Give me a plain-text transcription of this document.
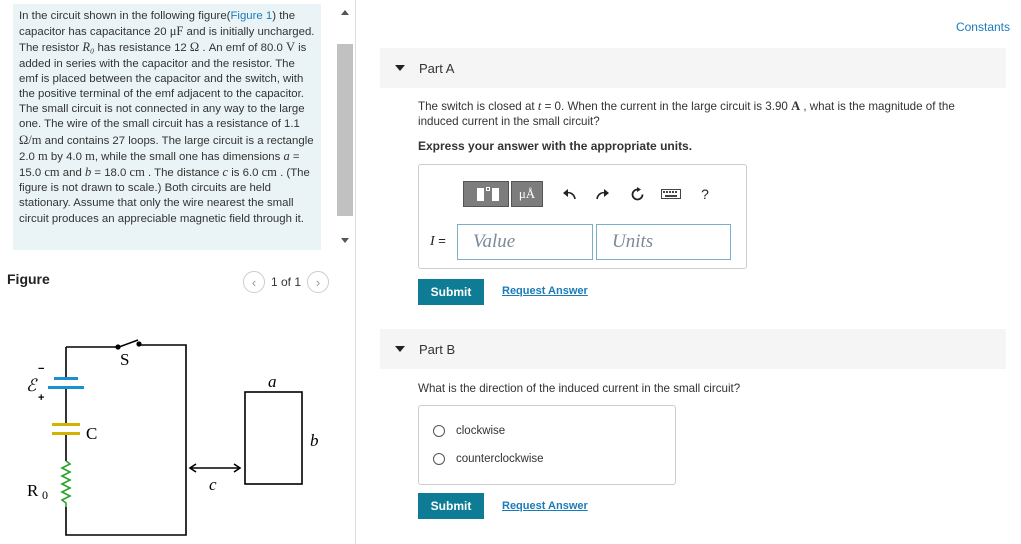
In the circuit shown in the following figure(Figure 1) the capacitor has capacitance 20 μF and is initially uncharged. The resistor R₀ has resistance 12 Ω . An emf of 80.0 V is added in series with the capacitor and the resistor. The emf is placed between the capacitor and the switch, with the positive terminal of the emf adjacent to the capacitor. The small circuit is not connected in any way to the large one. The wire of the small circuit has a resistance of 1.1 Ω/m and contains 27 loops. The large circuit is a rectangle 2.0 m by 4.0 m, while the small one has dimensions a = 15.0 cm and b = 18.0 cm . The distance c is 6.0 cm . (The figure is not drawn to scale.) Both circuits are held stationary. Assume that only the wire nearest the small circuit produces an appreciable magnetic field through it.
Figure	‹	1 of 1	›
S
ℰ
C
R 0
a
b
c
−
+
Constants
Part A
The switch is closed at t = 0. When the current in the large circuit is 3.90 A , what is the magnitude of the induced current in the small circuit?
Express your answer with the appropriate units.
μÅ	?
I =	Value	Units
Submit	Request Answer
Part B
What is the direction of the induced current in the small circuit?
clockwise
counterclockwise
Submit	Request Answer
